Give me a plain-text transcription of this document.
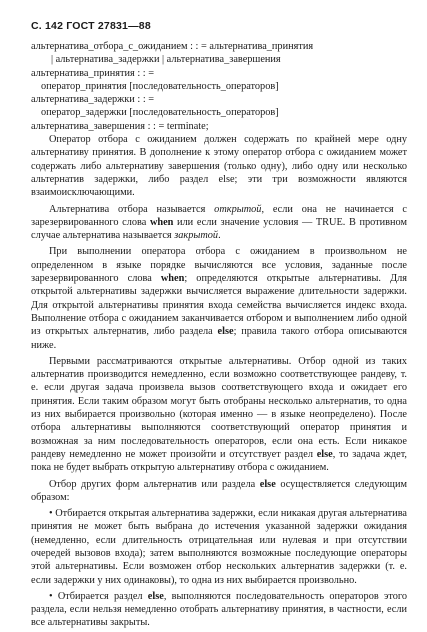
С. 142 ГОСТ 27831—88
альтернатива_отбора_с_ожиданием : : = альтернатива_принятия
| альтернатива_задержки | альтернатива_завершения
альтернатива_принятия : : =
оператор_принятия [последовательность_операторов]
альтернатива_задержки : : =
оператор_задержки [последовательность_операторов]
альтернатива_завершения : : = terminate;

Оператор отбора с ожиданием должен содержать по крайней мере одну альтернативу принятия. В дополнение к этому оператор отбора с ожиданием может содержать либо альтернативу завершения (только одну), либо одну или несколько альтернатив задержки, либо раздел else; эти три возможности являются взаимоисключающими.

Альтернатива отбора называется открытой, если она не начинается с зарезервированного слова when или если значение условия — TRUE. В противном случае альтернатива называется закрытой.

При выполнении оператора отбора с ожиданием в произвольном не определенном в языке порядке вычисляются все условия, заданные после зарезервированного слова when; определяются открытые альтернативы. Для открытой альтернативы задержки вычисляется выражение длительности задержки. Для открытой альтернативы принятия входа семейства вычисляется индекс входа. Выполнение отбора с ожиданием заканчивается отбором и выполнением либо одной из открытых альтернатив, либо раздела else; правила такого отбора описываются ниже.

Первыми рассматриваются открытые альтернативы. Отбор одной из таких альтернатив производится немедленно, если возможно соответствующее рандеву, т. е. если другая задача произвела вызов соответствующего входа и ожидает его принятия. Если таким образом могут быть отобраны несколько альтернатив, то одна из них выбирается произвольно (которая именно — в языке неопределено). После отбора альтернативы выполняются соответствующий оператор принятия и возможная за ним последовательность операторов, если она есть. Если никакое рандеву немедленно не может произойти и отсутствует раздел else, то задача ждет, пока не будет выбрать открытую альтернативу отбора с ожиданием.

Отбор других форм альтернатив или раздела else осуществляется следующим образом:

• Отбирается открытая альтернатива задержки, если никакая другая альтернатива принятия не может быть выбрана до истечения указанной задержки ожидания (немедленно, если длительность отрицательная или нулевая и при отсутствии очередей вызовов входа); затем выполняются возможные последующие операторы этой альтернативы. Если возможен отбор нескольких альтернатив задержки (т. е. если задержки у них одинаковы), то одна из них выбирается произвольно.

• Отбирается раздел else, выполняются последовательность операторов этого раздела, если нельзя немедленно отобрать альтернативу принятия, в частности, если все альтернативы закрыты.
